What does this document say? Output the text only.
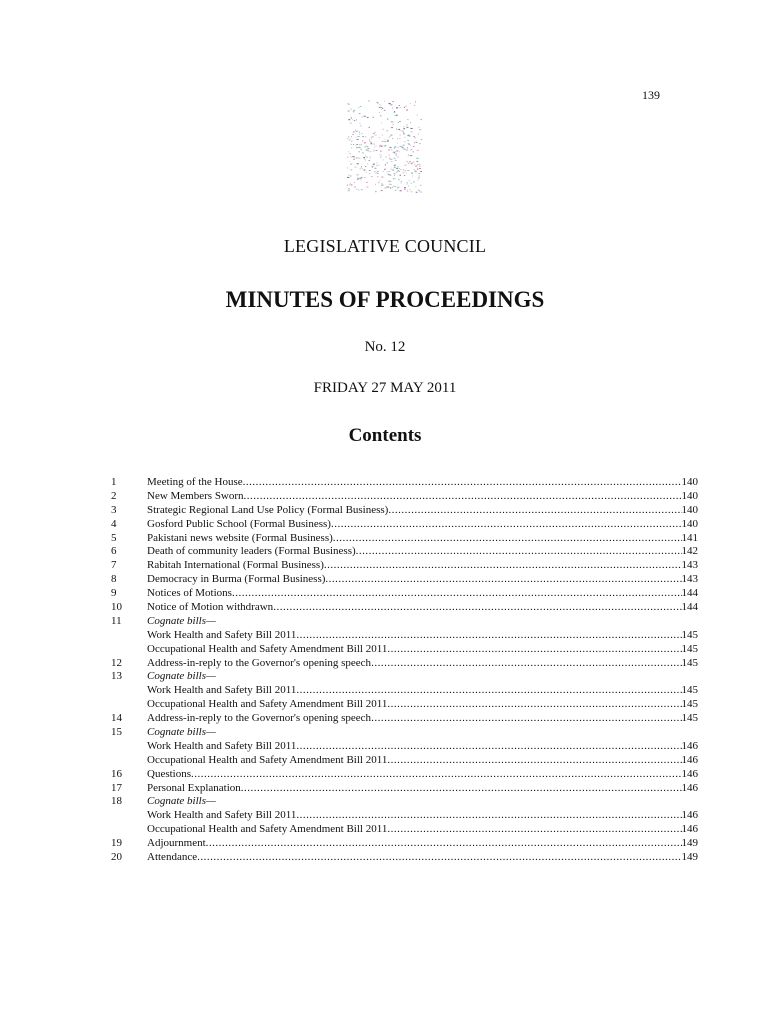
139
LEGISLATIVE COUNCIL
MINUTES OF PROCEEDINGS
No. 12
FRIDAY 27 MAY 2011
Contents
1	Meeting of the House .....	140
2	New Members Sworn .....	140
3	Strategic Regional Land Use Policy (Formal Business) .....	140
4	Gosford Public School (Formal Business) .....	140
5	Pakistani news website (Formal Business) .....	141
6	Death of community leaders (Formal Business) .....	142
7	Rabitah International (Formal Business) .....	143
8	Democracy in Burma (Formal Business) .....	143
9	Notices of Motions .....	144
10 Notice of Motion withdrawn .....	144
11 Cognate bills—
Work Health and Safety Bill 2011 .....	145
Occupational Health and Safety Amendment Bill 2011 .....	145
12 Address-in-reply to the Governor's opening speech .....	145
13 Cognate bills—
Work Health and Safety Bill 2011 .....	145
Occupational Health and Safety Amendment Bill 2011 .....	145
14 Address-in-reply to the Governor's opening speech .....	145
15 Cognate bills—
Work Health and Safety Bill 2011 .....	146
Occupational Health and Safety Amendment Bill 2011 .....	146
16 Questions .....	146
17 Personal Explanation .....	146
18 Cognate bills—
Work Health and Safety Bill 2011 .....	146
Occupational Health and Safety Amendment Bill 2011 .....	146
19 Adjournment .....	149
20 Attendance .....	149
